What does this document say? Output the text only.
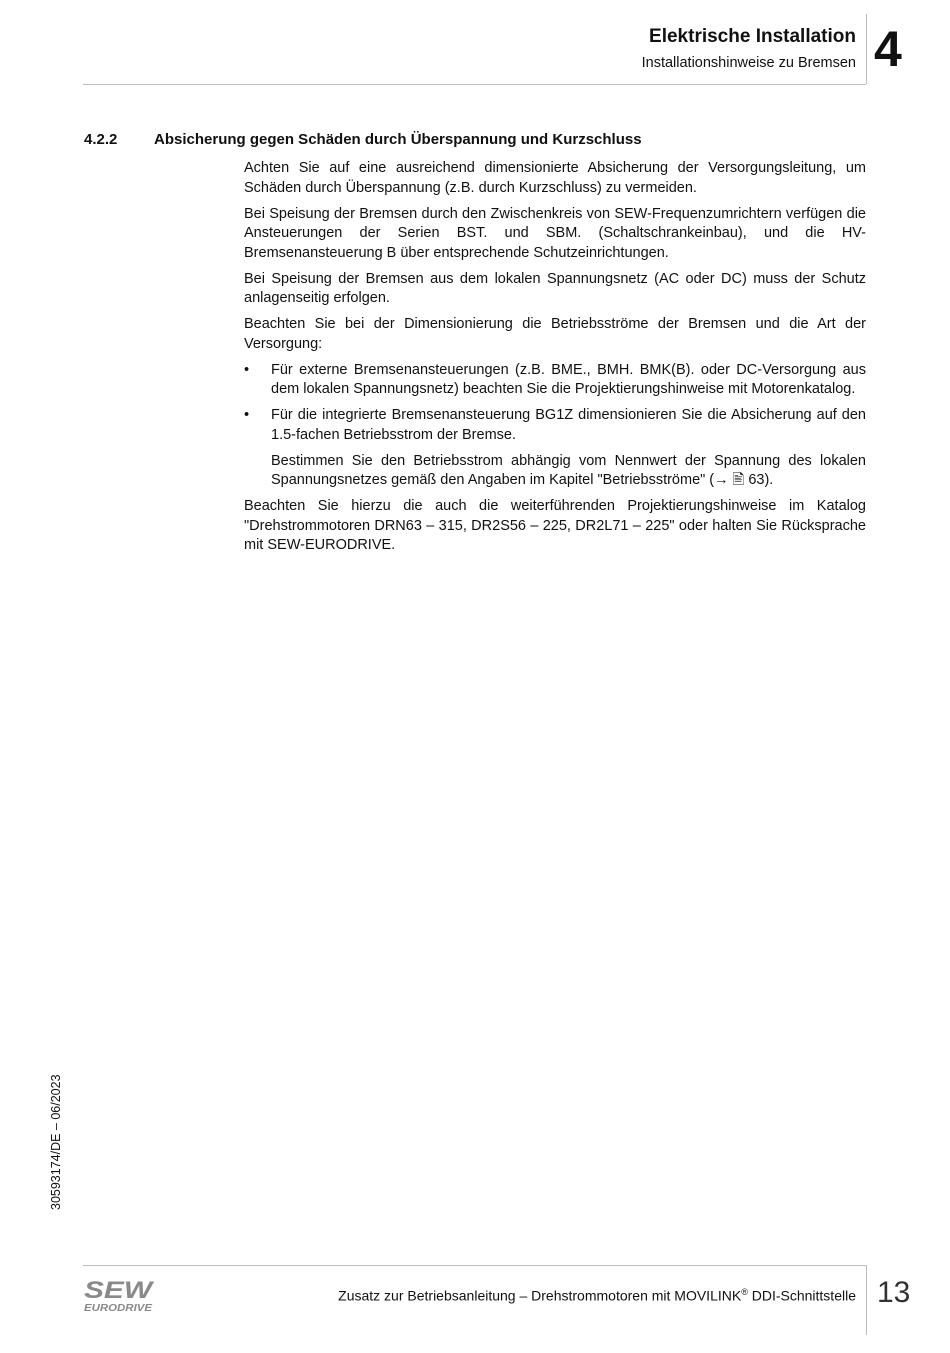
Elektrische Installation
Installationshinweise zu Bremsen 4
4.2.2 Absicherung gegen Schäden durch Überspannung und Kurzschluss

Achten Sie auf eine ausreichend dimensionierte Absicherung der Versorgungsleitung, um Schäden durch Überspannung (z.B. durch Kurzschluss) zu vermeiden.

Bei Speisung der Bremsen durch den Zwischenkreis von SEW-Frequenzumrichtern verfügen die Ansteuerungen der Serien BST. und SBM. (Schaltschrankeinbau), und die HV-Bremsenansteuerung B über entsprechende Schutzeinrichtungen.

Bei Speisung der Bremsen aus dem lokalen Spannungsnetz (AC oder DC) muss der Schutz anlagenseitig erfolgen.

Beachten Sie bei der Dimensionierung die Betriebsströme der Bremsen und die Art der Versorgung:

• Für externe Bremsenansteuerungen (z.B. BME., BMH. BMK(B). oder DC-Versorgung aus dem lokalen Spannungsnetz) beachten Sie die Projektierungshinweise mit Motorenkatalog.
• Für die integrierte Bremsenansteuerung BG1Z dimensionieren Sie die Absicherung auf den 1.5-fachen Betriebsstrom der Bremse.

Bestimmen Sie den Betriebsstrom abhängig vom Nennwert der Spannung des lokalen Spannungsnetzes gemäß den Angaben im Kapitel "Betriebsströme" (→ 🖹 63).

Beachten Sie hierzu die auch die weiterführenden Projektierungshinweise im Katalog "Drehstrommotoren DRN63 – 315, DR2S56 – 225, DR2L71 – 225" oder halten Sie Rücksprache mit SEW-EURODRIVE.

30593174/DE – 06/2023
SEW
EURODRIVE
Zusatz zur Betriebsanleitung – Drehstrommotoren mit MOVILINK® DDI-Schnittstelle 13
